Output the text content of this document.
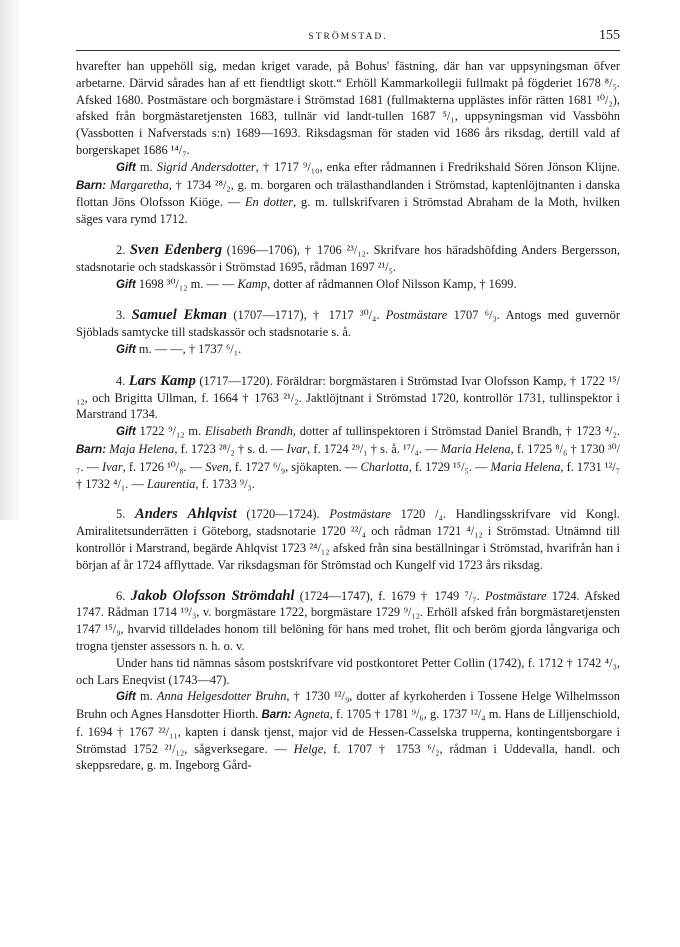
STRÖMSTAD.	155

hvarefter han uppehöll sig, medan kriget varade, på Bohus' fästning, där han var uppsyningsman öfver arbetarne. Därvid sårades han af ett fiendtligt skott.“ Erhöll Kammarkollegii fullmakt på fögderiet 1678 ⁸/₅. Afsked 1680. Postmästare och borgmästare i Strömstad 1681 (fullmakterna upplästes inför rätten 1681 ¹⁰/₂), afsked från borgmästaretjensten 1683, tullnär vid landt-tullen 1687 ⁵/₁, uppsyningsman vid Vassböhn (Vassbotten i Nafverstads s:n) 1689—1693. Riksdagsman för staden vid 1686 års riksdag, dertill vald af borgerskapet 1686 ¹⁴/₇.

Gift m. Sigrid Andersdotter, † 1717 ⁹/₁₀, enka efter rådmannen i Fredrikshald Sören Jönson Klijne. Barn: Margaretha, † 1734 ²⁸/₂, g. m. borgaren och trälasthandlanden i Strömstad, kaptenlöjtnanten i danska flottan Jöns Olofsson Kiöge. — En dotter, g. m. tullskrifvaren i Strömstad Abraham de la Moth, hvilken säges vara rymd 1712.

2. Sven Edenberg (1696—1706), † 1706 ²³/₁₂. Skrifvare hos häradshöfding Anders Bergersson, stadsnotarie och stadskassör i Strömstad 1695, rådman 1697 ²¹/₅.

Gift 1698 ³⁰/₁₂ m. — — Kamp, dotter af rådmannen Olof Nilsson Kamp, † 1699.

3. Samuel Ekman (1707—1717), † 1717 ³⁰/₄. Postmästare 1707 ⁶/₃. Antogs med guvernör Sjöblads samtycke till stadskassör och stadsnotarie s. å.

Gift m. — —, † 1737 ⁶/₁.

4. Lars Kamp (1717—1720). Föräldrar: borgmästaren i Strömstad Ivar Olofsson Kamp, † 1722 ¹⁵/₁₂, och Brigitta Ullman, f. 1664 † 1763 ²¹/₂. Jaktlöjtnant i Strömstad 1720, kontrollör 1731, tullinspektor i Marstrand 1734.

Gift 1722 ⁹/₁₂ m. Elisabeth Brandh, dotter af tullinspektoren i Strömstad Daniel Brandh, † 1723 ⁴/₂. Barn: Maja Helena, f. 1723 ²⁸/₂ † s. d. — Ivar, f. 1724 ²⁹/₁ † s. å. ¹⁷/₄. — Maria Helena, f. 1725 ⁸/₆ † 1730 ³⁰/₇. — Ivar, f. 1726 ¹⁰/₈. — Sven, f. 1727 ⁶/₉, sjökapten. — Charlotta, f. 1729 ¹⁵/₅. — Maria Helena, f. 1731 ¹²/₇ † 1732 ⁴/₁. — Laurentia, f. 1733 ⁹/₃.

5. Anders Ahlqvist (1720—1724). Postmästare 1720 /₄. Handlingsskrifvare vid Kongl. Amiralitetsunderrätten i Göteborg, stadsnotarie 1720 ²²/₄ och rådman 1721 ⁴/₁₂ i Strömstad. Utnämnd till kontrollör i Marstrand, begärde Ahlqvist 1723 ²⁴/₁₂ afsked från sina beställningar i Strömstad, hvarifrån han i början af år 1724 afflyttade. Var riksdagsman för Strömstad och Kungelf vid 1723 års riksdag.

6. Jakob Olofsson Strömdahl (1724—1747), f. 1679 † 1749 ⁷/₇. Postmästare 1724. Afsked 1747. Rådman 1714 ¹⁹/₃, v. borgmästare 1722, borgmästare 1729 ⁹/₁₂. Erhöll afsked från borgmästaretjensten 1747 ¹⁵/₉, hvarvid tilldelades honom till belöning för hans med trohet, flit och beröm gjorda långvariga och trogna tjenster assessors n. h. o. v.

Under hans tid nämnas såsom postskrifvare vid postkontoret Petter Collin (1742), f. 1712 † 1742 ⁴/₃, och Lars Eneqvist (1743—47).

Gift m. Anna Helgesdotter Bruhn, † 1730 ¹²/₉, dotter af kyrkoherden i Tossene Helge Wilhelmsson Bruhn och Agnes Hansdotter Hiorth. Barn: Agneta, f. 1705 † 1781 ⁹/₆, g. 1737 ¹²/₄ m. Hans de Lilljenschiold, f. 1694 † 1767 ²²/₁₁, kapten i dansk tjenst, major vid de Hessen-Casselska trupperna, kontingentsborgare i Strömstad 1752 ²¹/₁₂, sågverksegare. — Helge, f. 1707 † 1753 ⁶/₂, rådman i Uddevalla, handl. och skeppsredare, g. m. Ingeborg Gård-
